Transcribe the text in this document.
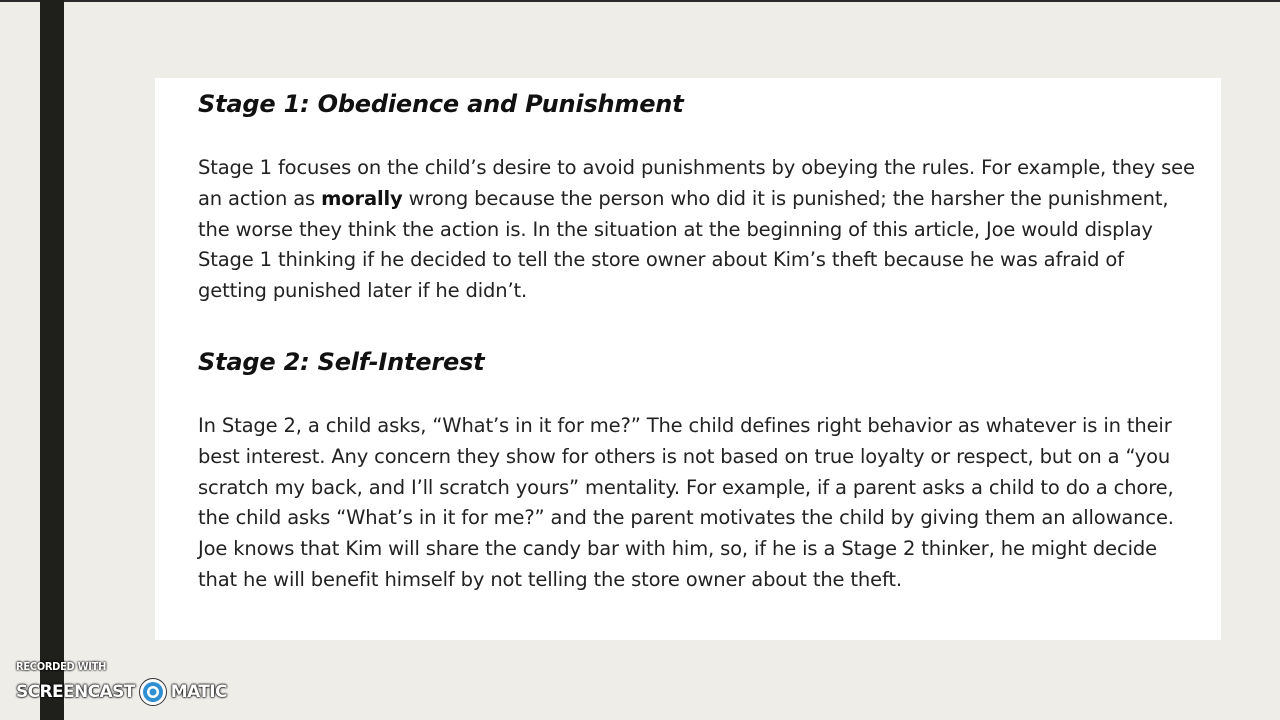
Stage 1: Obedience and Punishment

Stage 1 focuses on the child’s desire to avoid punishments by obeying the rules. For example, they see an action as morally wrong because the person who did it is punished; the harsher the punishment, the worse they think the action is. In the situation at the beginning of this article, Joe would display Stage 1 thinking if he decided to tell the store owner about Kim’s theft because he was afraid of getting punished later if he didn’t.

Stage 2: Self-Interest

In Stage 2, a child asks, “What’s in it for me?” The child defines right behavior as whatever is in their best interest. Any concern they show for others is not based on true loyalty or respect, but on a “you scratch my back, and I’ll scratch yours” mentality. For example, if a parent asks a child to do a chore, the child asks “What’s in it for me?” and the parent motivates the child by giving them an allowance. Joe knows that Kim will share the candy bar with him, so, if he is a Stage 2 thinker, he might decide that he will benefit himself by not telling the store owner about the theft.

RECORDED WITH
SCREENCAST MATIC
